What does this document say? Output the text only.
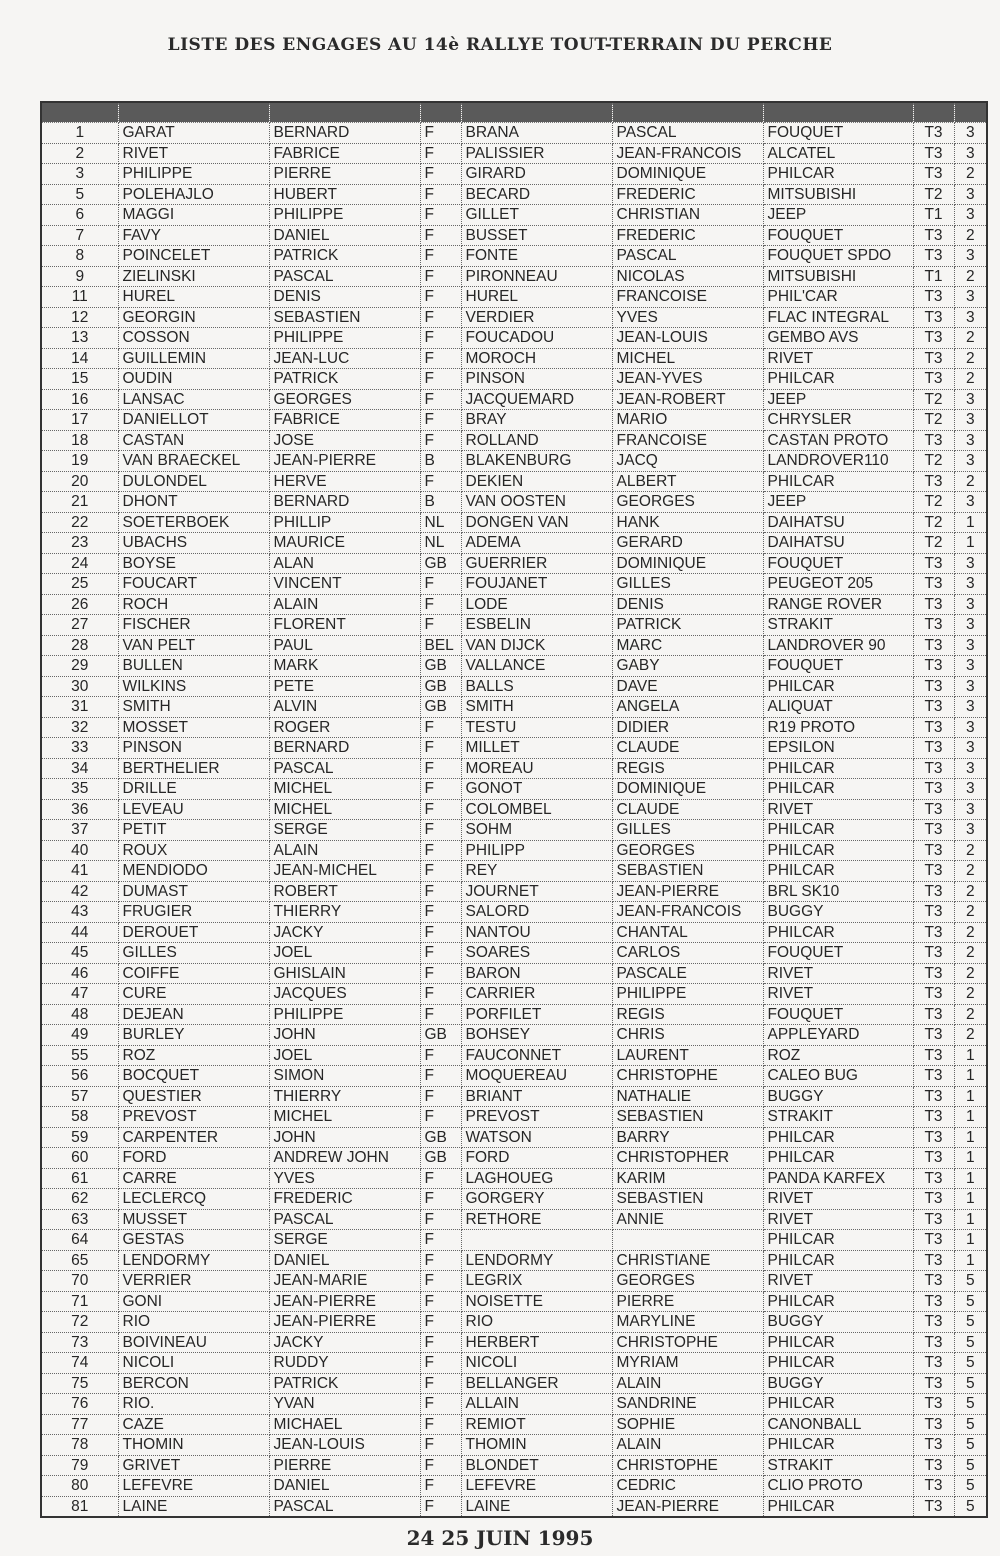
LISTE DES ENGAGES AU 14è RALLYE TOUT-TERRAIN DU PERCHE

1	GARAT	BERNARD	F	BRANA	PASCAL	FOUQUET	T3	3
2	RIVET	FABRICE	F	PALISSIER	JEAN-FRANCOIS	ALCATEL	T3	3
3	PHILIPPE	PIERRE	F	GIRARD	DOMINIQUE	PHILCAR	T3	2
5	POLEHAJLO	HUBERT	F	BECARD	FREDERIC	MITSUBISHI	T2	3
6	MAGGI	PHILIPPE	F	GILLET	CHRISTIAN	JEEP	T1	3
7	FAVY	DANIEL	F	BUSSET	FREDERIC	FOUQUET	T3	2
8	POINCELET	PATRICK	F	FONTE	PASCAL	FOUQUET SPDO	T3	3
9	ZIELINSKI	PASCAL	F	PIRONNEAU	NICOLAS	MITSUBISHI	T1	2
11	HUREL	DENIS	F	HUREL	FRANCOISE	PHIL'CAR	T3	3
12	GEORGIN	SEBASTIEN	F	VERDIER	YVES	FLAC INTEGRAL	T3	3
13	COSSON	PHILIPPE	F	FOUCADOU	JEAN-LOUIS	GEMBO AVS	T3	2
14	GUILLEMIN	JEAN-LUC	F	MOROCH	MICHEL	RIVET	T3	2
15	OUDIN	PATRICK	F	PINSON	JEAN-YVES	PHILCAR	T3	2
16	LANSAC	GEORGES	F	JACQUEMARD	JEAN-ROBERT	JEEP	T2	3
17	DANIELLOT	FABRICE	F	BRAY	MARIO	CHRYSLER	T2	3
18	CASTAN	JOSE	F	ROLLAND	FRANCOISE	CASTAN PROTO	T3	3
19	VAN BRAECKEL	JEAN-PIERRE	B	BLAKENBURG	JACQ	LANDROVER110	T2	3
20	DULONDEL	HERVE	F	DEKIEN	ALBERT	PHILCAR	T3	2
21	DHONT	BERNARD	B	VAN OOSTEN	GEORGES	JEEP	T2	3
22	SOETERBOEK	PHILLIP	NL	DONGEN VAN	HANK	DAIHATSU	T2	1
23	UBACHS	MAURICE	NL	ADEMA	GERARD	DAIHATSU	T2	1
24	BOYSE	ALAN	GB	GUERRIER	DOMINIQUE	FOUQUET	T3	3
25	FOUCART	VINCENT	F	FOUJANET	GILLES	PEUGEOT 205	T3	3
26	ROCH	ALAIN	F	LODE	DENIS	RANGE ROVER	T3	3
27	FISCHER	FLORENT	F	ESBELIN	PATRICK	STRAKIT	T3	3
28	VAN PELT	PAUL	BEL	VAN DIJCK	MARC	LANDROVER 90	T3	3
29	BULLEN	MARK	GB	VALLANCE	GABY	FOUQUET	T3	3
30	WILKINS	PETE	GB	BALLS	DAVE	PHILCAR	T3	3
31	SMITH	ALVIN	GB	SMITH	ANGELA	ALIQUAT	T3	3
32	MOSSET	ROGER	F	TESTU	DIDIER	R19 PROTO	T3	3
33	PINSON	BERNARD	F	MILLET	CLAUDE	EPSILON	T3	3
34	BERTHELIER	PASCAL	F	MOREAU	REGIS	PHILCAR	T3	3
35	DRILLE	MICHEL	F	GONOT	DOMINIQUE	PHILCAR	T3	3
36	LEVEAU	MICHEL	F	COLOMBEL	CLAUDE	RIVET	T3	3
37	PETIT	SERGE	F	SOHM	GILLES	PHILCAR	T3	3
40	ROUX	ALAIN	F	PHILIPP	GEORGES	PHILCAR	T3	2
41	MENDIODO	JEAN-MICHEL	F	REY	SEBASTIEN	PHILCAR	T3	2
42	DUMAST	ROBERT	F	JOURNET	JEAN-PIERRE	BRL SK10	T3	2
43	FRUGIER	THIERRY	F	SALORD	JEAN-FRANCOIS	BUGGY	T3	2
44	DEROUET	JACKY	F	NANTOU	CHANTAL	PHILCAR	T3	2
45	GILLES	JOEL	F	SOARES	CARLOS	FOUQUET	T3	2
46	COIFFE	GHISLAIN	F	BARON	PASCALE	RIVET	T3	2
47	CURE	JACQUES	F	CARRIER	PHILIPPE	RIVET	T3	2
48	DEJEAN	PHILIPPE	F	PORFILET	REGIS	FOUQUET	T3	2
49	BURLEY	JOHN	GB	BOHSEY	CHRIS	APPLEYARD	T3	2
55	ROZ	JOEL	F	FAUCONNET	LAURENT	ROZ	T3	1
56	BOCQUET	SIMON	F	MOQUEREAU	CHRISTOPHE	CALEO BUG	T3	1
57	QUESTIER	THIERRY	F	BRIANT	NATHALIE	BUGGY	T3	1
58	PREVOST	MICHEL	F	PREVOST	SEBASTIEN	STRAKIT	T3	1
59	CARPENTER	JOHN	GB	WATSON	BARRY	PHILCAR	T3	1
60	FORD	ANDREW JOHN	GB	FORD	CHRISTOPHER	PHILCAR	T3	1
61	CARRE	YVES	F	LAGHOUEG	KARIM	PANDA KARFEX	T3	1
62	LECLERCQ	FREDERIC	F	GORGERY	SEBASTIEN	RIVET	T3	1
63	MUSSET	PASCAL	F	RETHORE	ANNIE	RIVET	T3	1
64	GESTAS	SERGE	F			PHILCAR	T3	1
65	LENDORMY	DANIEL	F	LENDORMY	CHRISTIANE	PHILCAR	T3	1
70	VERRIER	JEAN-MARIE	F	LEGRIX	GEORGES	RIVET	T3	5
71	GONI	JEAN-PIERRE	F	NOISETTE	PIERRE	PHILCAR	T3	5
72	RIO	JEAN-PIERRE	F	RIO	MARYLINE	BUGGY	T3	5
73	BOIVINEAU	JACKY	F	HERBERT	CHRISTOPHE	PHILCAR	T3	5
74	NICOLI	RUDDY	F	NICOLI	MYRIAM	PHILCAR	T3	5
75	BERCON	PATRICK	F	BELLANGER	ALAIN	BUGGY	T3	5
76	RIO.	YVAN	F	ALLAIN	SANDRINE	PHILCAR	T3	5
77	CAZE	MICHAEL	F	REMIOT	SOPHIE	CANONBALL	T3	5
78	THOMIN	JEAN-LOUIS	F	THOMIN	ALAIN	PHILCAR	T3	5
79	GRIVET	PIERRE	F	BLONDET	CHRISTOPHE	STRAKIT	T3	5
80	LEFEVRE	DANIEL	F	LEFEVRE	CEDRIC	CLIO PROTO	T3	5
81	LAINE	PASCAL	F	LAINE	JEAN-PIERRE	PHILCAR	T3	5
24 25 JUIN 1995
